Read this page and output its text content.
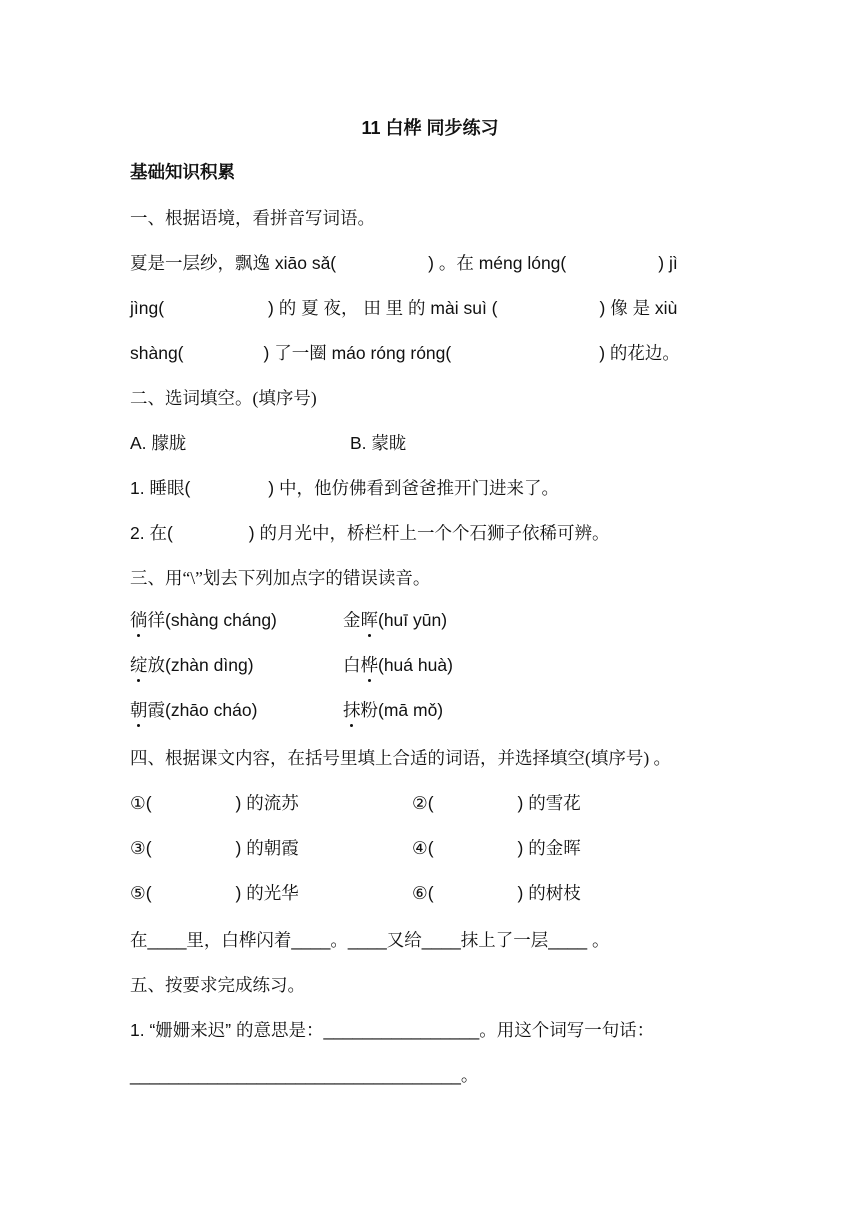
11 白桦 同步练习
基础知识积累
一、根据语境，看拼音写词语。
夏是一层纱，飘逸 xiāo sǎ(	) 。在 méng lóng(	) jì
jìng(	) 的 夏 夜， 田 里 的 mài suì (	) 像 是 xiù
shàng(	) 了一圈 máo róng róng(	) 的花边。
二、选词填空。(填序号)
A. 朦胧	B. 蒙眬
1. 睡眼(	) 中，他仿佛看到爸爸推开门进来了。
2. 在(	) 的月光中，桥栏杆上一个个石狮子依稀可辨。
三、用“\”划去下列加点字的错误读音。
徜徉(shàng cháng)	金晖(huī yūn)
绽放(zhàn dìng)	白桦(huá huà)
朝霞(zhāo cháo)	抹粉(mā mǒ)
四、根据课文内容，在括号里填上合适的词语，并选择填空(填序号) 。
①(	) 的流苏	②(	) 的雪花
③(	) 的朝霞	④(	) 的金晖
⑤(	) 的光华	⑥(	) 的树枝
在____里，白桦闪着____。____又给____抹上了一层____ 。
五、按要求完成练习。
1. “姗姗来迟” 的意思是：________________。用这个词写一句话：
__________________________________。
